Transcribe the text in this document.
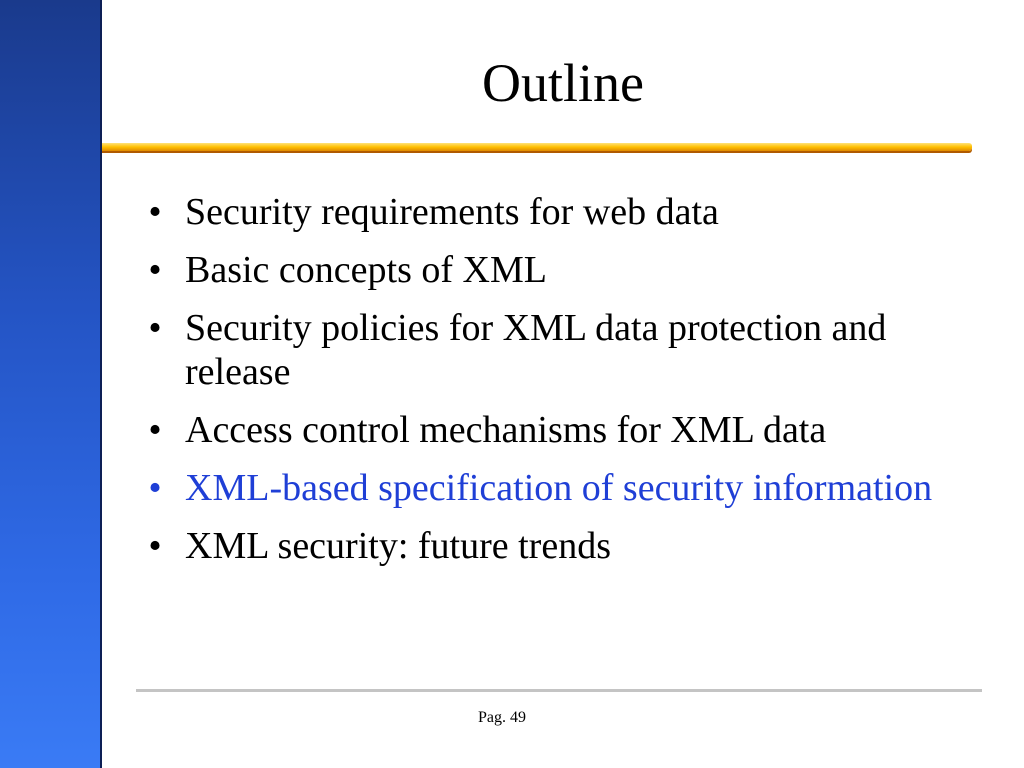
Outline
• Security requirements for web data
• Basic concepts of XML
• Security policies for XML data protection and release
• Access control mechanisms for XML data
• XML-based specification of security information
• XML security: future trends
Pag. 49
